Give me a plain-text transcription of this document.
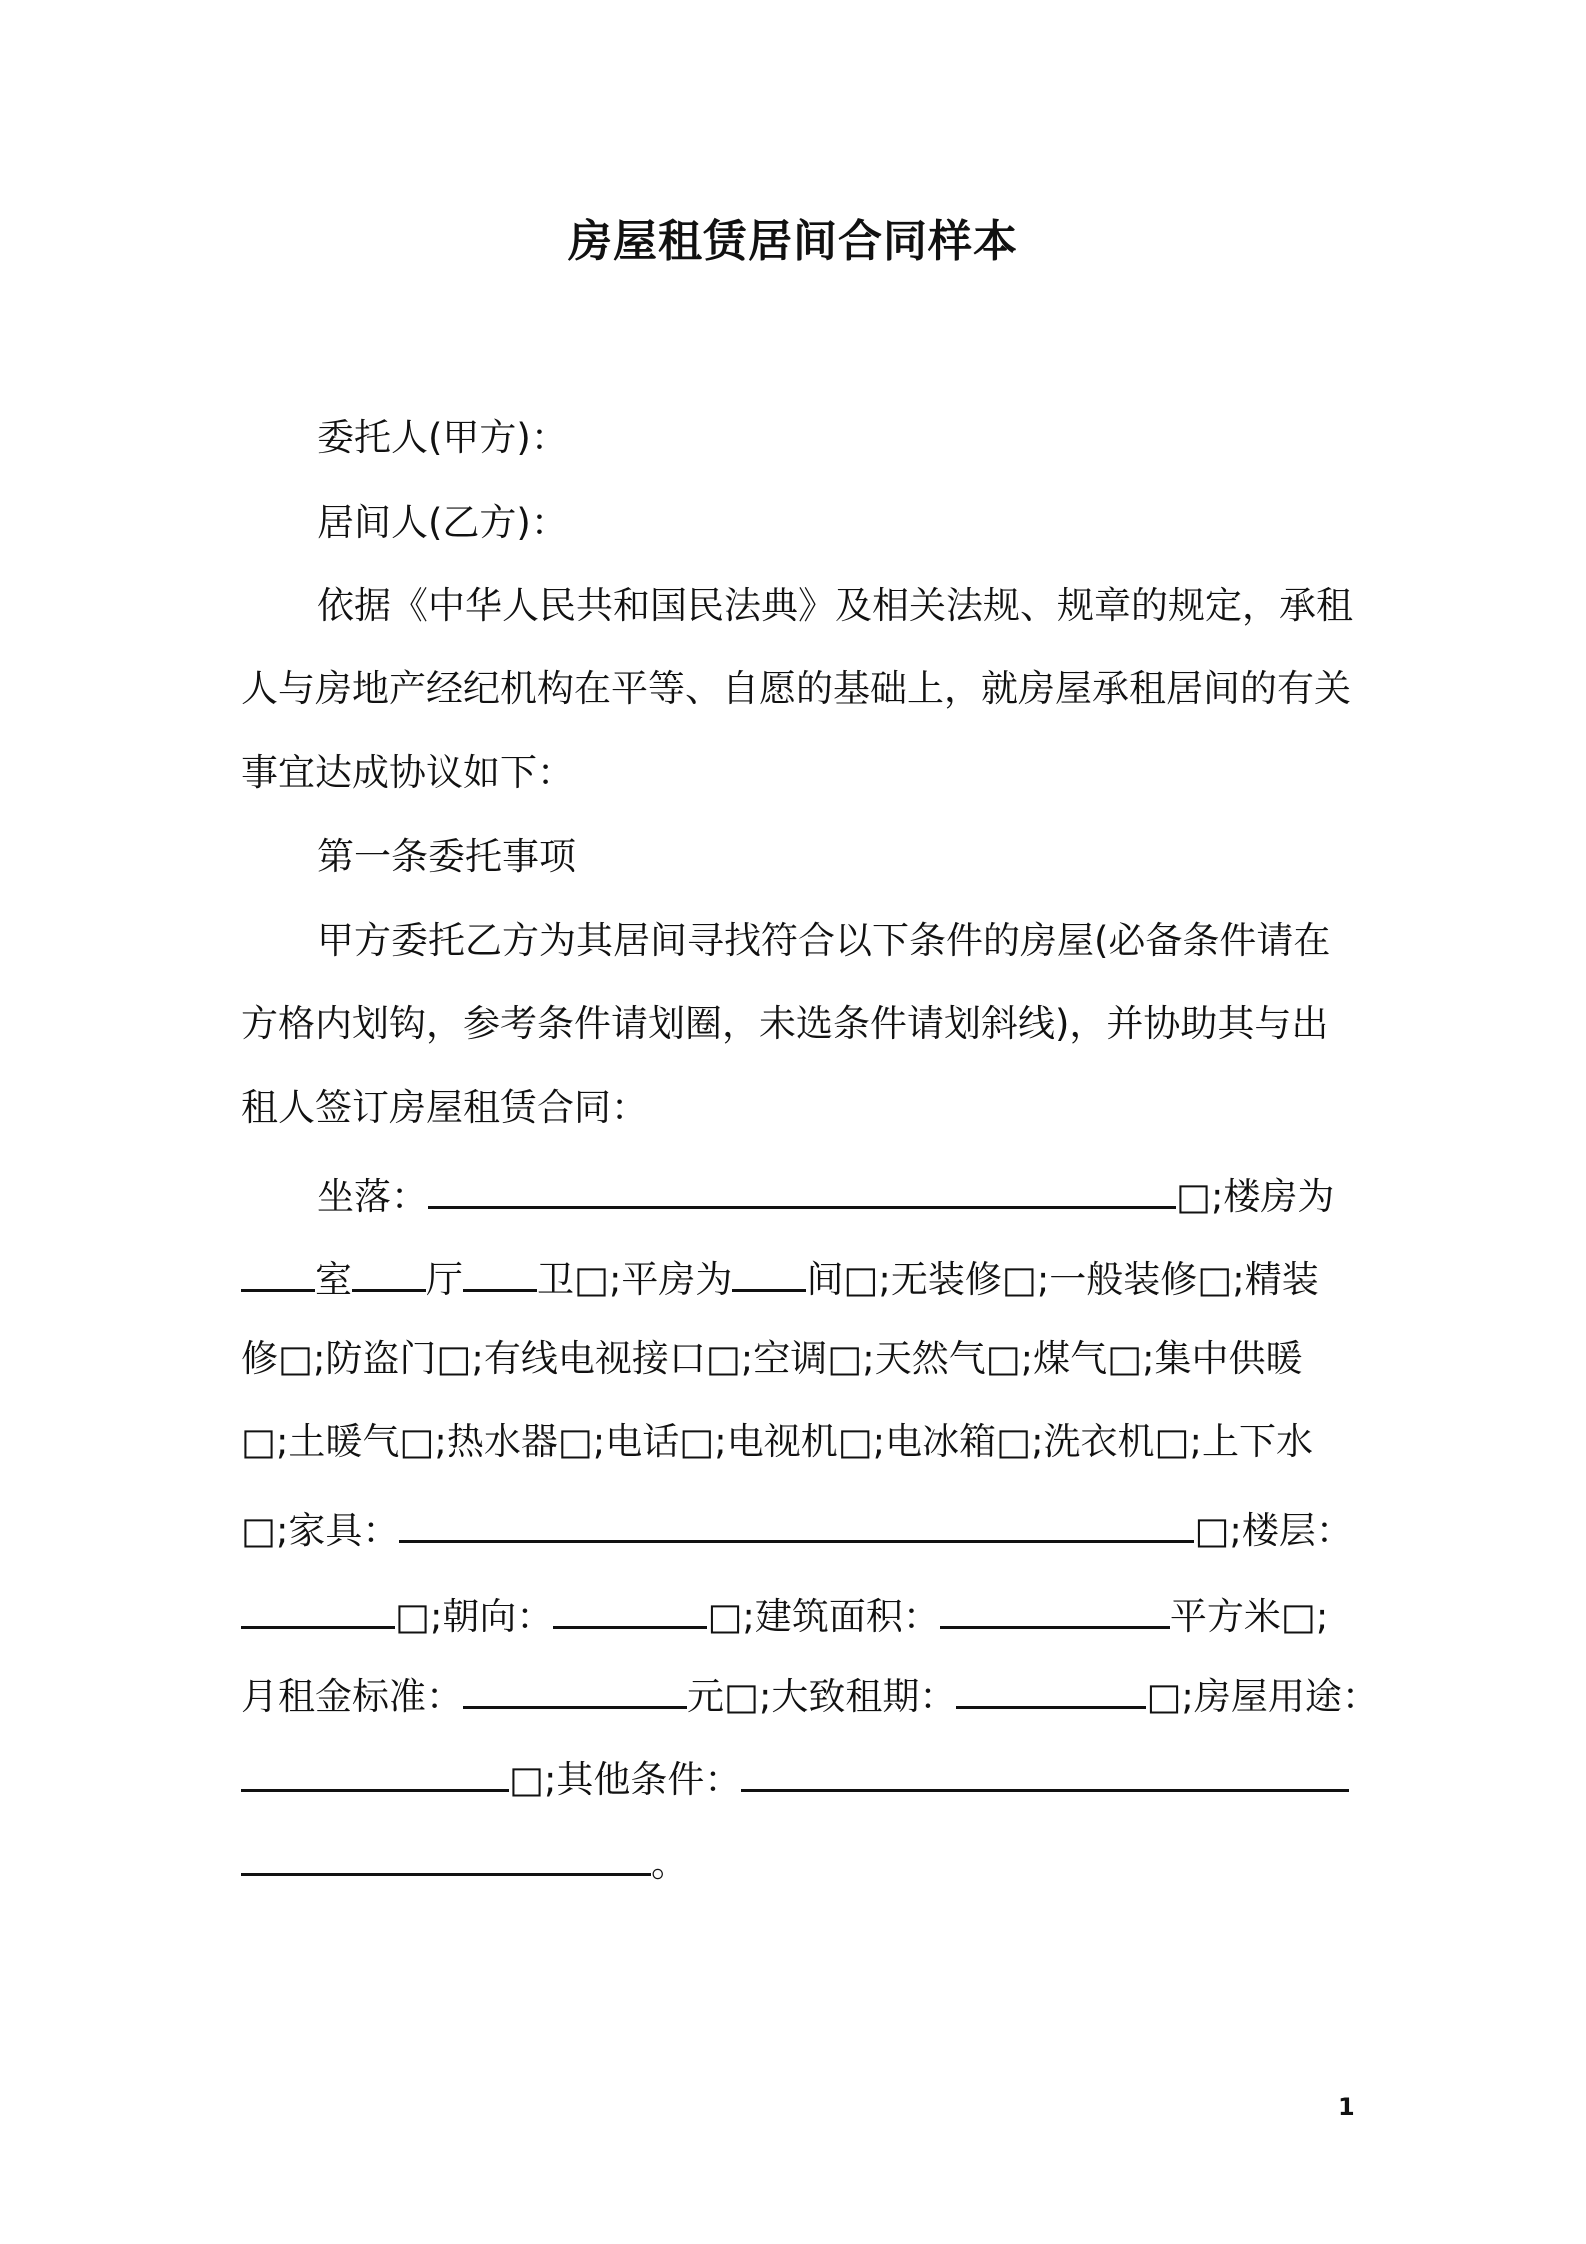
房屋租赁居间合同样本
委托人(甲方)：
居间人(乙方)：
依据《中华人民共和国民法典》及相关法规、规章的规定，承租
人与房地产经纪机构在平等、自愿的基础上，就房屋承租居间的有关
事宜达成协议如下：
第一条委托事项
甲方委托乙方为其居间寻找符合以下条件的房屋(必备条件请在
方格内划钩，参考条件请划圈，未选条件请划斜线)，并协助其与出
租人签订房屋租赁合同：
坐落：	□;楼房为
室 厅 卫□;平房为 间□;无装修□;一般装修□;精装
修□;防盗门□;有线电视接口□;空调□;天然气□;煤气□;集中供暖
□;土暖气□;热水器□;电话□;电视机□;电冰箱□;洗衣机□;上下水
□;家具：	□;楼层：
□;朝向：	□;建筑面积：	平方米□;
月租金标准：	元□;大致租期：	□;房屋用途：
□;其他条件：
。
1
